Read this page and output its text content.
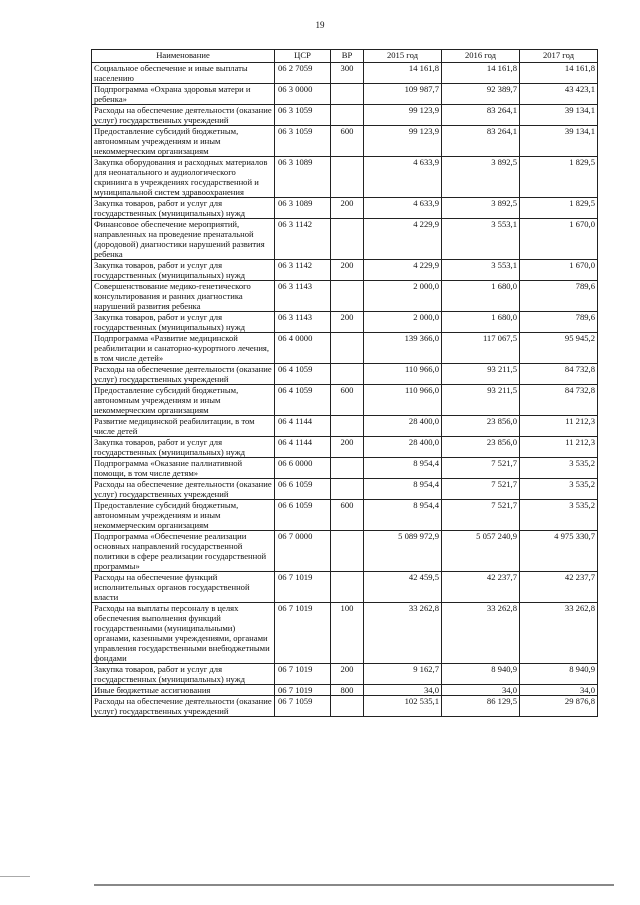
19
Наименование	ЦСР	ВР	2015 год	2016 год	2017 год
Социальное обеспечение и иные выплаты населению	06 2 7059	300	14 161,8	14 161,8	14 161,8
Подпрограмма «Охрана здоровья матери и ребенка»	06 3 0000		109 987,7	92 389,7	43 423,1
Расходы на обеспечение деятельности (оказание услуг) государственных учреждений	06 3 1059		99 123,9	83 264,1	39 134,1
Предоставление субсидий бюджетным, автономным учреждениям и иным некоммерческим организациям	06 3 1059	600	99 123,9	83 264,1	39 134,1
Закупка оборудования и расходных материалов для неонатального и аудиологического скрининга в учреждениях государственной и муниципальной систем здравоохранения	06 3 1089		4 633,9	3 892,5	1 829,5
Закупка товаров, работ и услуг для государственных (муниципальных) нужд	06 3 1089	200	4 633,9	3 892,5	1 829,5
Финансовое обеспечение мероприятий, направленных на проведение пренатальной (дородовой) диагностики нарушений развития ребенка	06 3 1142		4 229,9	3 553,1	1 670,0
Закупка товаров, работ и услуг для государственных (муниципальных) нужд	06 3 1142	200	4 229,9	3 553,1	1 670,0
Совершенствование медико-генетического консультирования и ранних диагностика нарушений развития ребенка	06 3 1143		2 000,0	1 680,0	789,6
Закупка товаров, работ и услуг для государственных (муниципальных) нужд	06 3 1143	200	2 000,0	1 680,0	789,6
Подпрограмма «Развитие медицинской реабилитации и санаторно-курортного лечения, в том числе детей»	06 4 0000		139 366,0	117 067,5	95 945,2
Расходы на обеспечение деятельности (оказание услуг) государственных учреждений	06 4 1059		110 966,0	93 211,5	84 732,8
Предоставление субсидий бюджетным, автономным учреждениям и иным некоммерческим организациям	06 4 1059	600	110 966,0	93 211,5	84 732,8
Развитие медицинской реабилитации, в том числе детей	06 4 1144		28 400,0	23 856,0	11 212,3
Закупка товаров, работ и услуг для государственных (муниципальных) нужд	06 4 1144	200	28 400,0	23 856,0	11 212,3
Подпрограмма «Оказание паллиативной помощи, в том числе детям»	06 6 0000		8 954,4	7 521,7	3 535,2
Расходы на обеспечение деятельности (оказание услуг) государственных учреждений	06 6 1059		8 954,4	7 521,7	3 535,2
Предоставление субсидий бюджетным, автономным учреждениям и иным некоммерческим организациям	06 6 1059	600	8 954,4	7 521,7	3 535,2
Подпрограмма «Обеспечение реализации основных направлений государственной политики в сфере реализации государственной программы»	06 7 0000		5 089 972,9	5 057 240,9	4 975 330,7
Расходы на обеспечение функций исполнительных органов государственной власти	06 7 1019		42 459,5	42 237,7	42 237,7
Расходы на выплаты персоналу в целях обеспечения выполнения функций государственными (муниципальными) органами, казенными учреждениями, органами управления государственными внебюджетными фондами	06 7 1019	100	33 262,8	33 262,8	33 262,8
Закупка товаров, работ и услуг для государственных (муниципальных) нужд	06 7 1019	200	9 162,7	8 940,9	8 940,9
Иные бюджетные ассигнования	06 7 1019	800	34,0	34,0	34,0
Расходы на обеспечение деятельности (оказание услуг) государственных учреждений	06 7 1059		102 535,1	86 129,5	29 876,8
